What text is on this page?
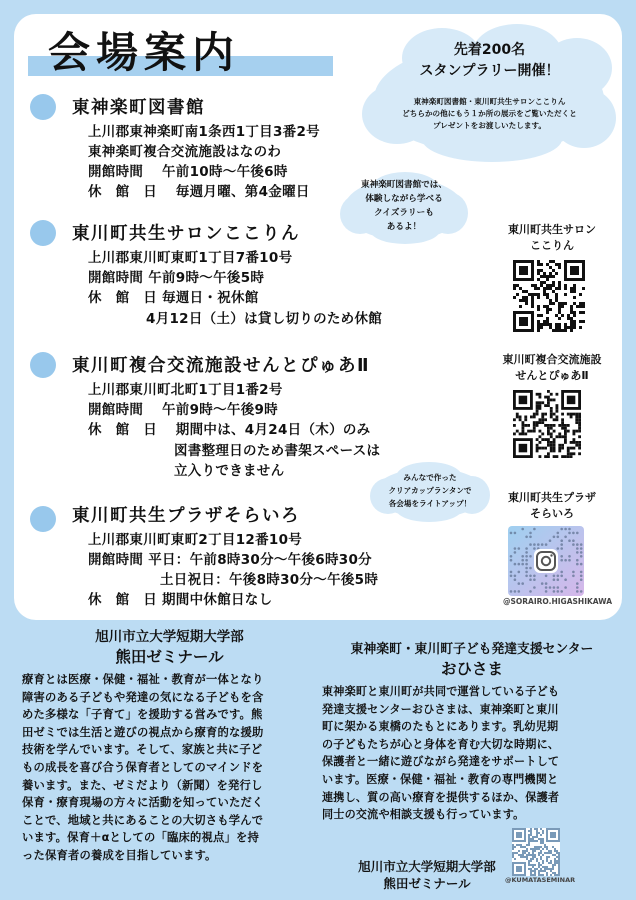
会場案内	先着200名
スタンプラリー開催！
東神楽町図書館・東川町共生サロンここりん
どちらかの他にもう１か所の展示をご覧いただくと
プレゼントをお渡しいたします。
東神楽町図書館では、
体験しながら学べる
クイズラリーも
あるよ！
みんなで作った
クリアカップランタンで
各会場をライトアップ！
東神楽町図書館
上川郡東神楽町南1条西1丁目3番2号
東神楽町複合交流施設はなのわ
開館時間　 午前10時～午後6時
休　館　日 　毎週月曜、第4金曜日
東川町共生サロンここりん
上川郡東川町東町1丁目7番10号
開館時間 午前9時～午後5時
休　館　日 毎週日・祝休館
4月12日（土）は貸し切りのため休館
東川町複合交流施設せんとぴゅあⅡ
上川郡東川町北町1丁目1番2号
開館時間　 午前9時～午後9時
休　館　日 　期間中は、4月24日（木）のみ
図書整理日のため書架スペースは
立入りできません
東川町共生プラザそらいろ
上川郡東川町東町2丁目12番10号
開館時間 平日：午前8時30分～午後6時30分
土日祝日：午後8時30分～午後5時
休　館　日 期間中休館日なし
東川町共生サロン
ここりん
東川町複合交流施設
せんとぴゅあⅡ
東川町共生プラザ
そらいろ
@SORAIRO.HIGASHIKAWA
旭川市立大学短期大学部
熊田ゼミナール
療育とは医療・保健・福祉・教育が一体となり
障害のある子どもや発達の気になる子どもを含
めた多様な「子育て」を援助する営みです。熊
田ゼミでは生活と遊びの視点から療育的な援助
技術を学んでいます。そして、家族と共に子ど
もの成長を喜び合う保育者としてのマインドを
養います。また、ゼミだより（新聞）を発行し
保育・療育現場の方々に活動を知っていただく
ことで、地域と共にあることの大切さも学んで
います。保育＋αとしての「臨床的視点」を持
った保育者の養成を目指しています。
東神楽町・東川町子ども発達支援センター
おひさま
東神楽町と東川町が共同で運営している子ども
発達支援センターおひさまは、東神楽町と東川
町に架かる東橋のたもとにあります。乳幼児期
の子どもたちが心と身体を育む大切な時期に、
保護者と一緒に遊びながら発達をサポートして
います。医療・保健・福祉・教育の専門機関と
連携し、質の高い療育を提供するほか、保護者
同士の交流や相談支援も行っています。
@KUMATASEMINAR
旭川市立大学短期大学部
熊田ゼミナール
